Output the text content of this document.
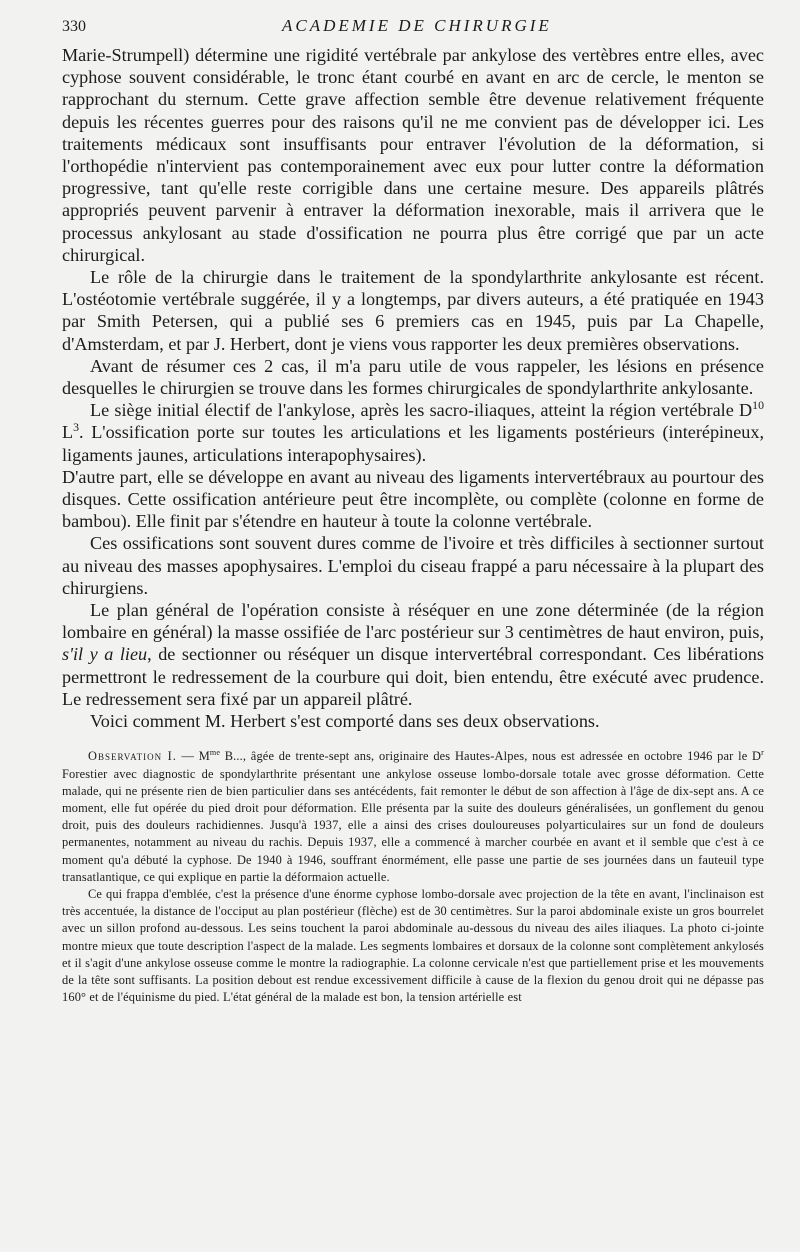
330	ACADEMIE DE CHIRURGIE

Marie-Strumpell) détermine une rigidité vertébrale par ankylose des vertèbres entre elles, avec cyphose souvent considérable, le tronc étant courbé en avant en arc de cercle, le menton se rapprochant du sternum. Cette grave affection semble être devenue relativement fréquente depuis les récentes guerres pour des raisons qu'il ne me convient pas de développer ici. Les traitements médicaux sont insuffisants pour entraver l'évolution de la déformation, si l'orthopédie n'intervient pas contemporainement avec eux pour lutter contre la déformation progressive, tant qu'elle reste corrigible dans une certaine mesure. Des appareils plâtrés appropriés peuvent parvenir à entraver la déformation inexorable, mais il arrivera que le processus ankylosant au stade d'ossification ne pourra plus être corrigé que par un acte chirurgical.

Le rôle de la chirurgie dans le traitement de la spondylarthrite ankylosante est récent. L'ostéotomie vertébrale suggérée, il y a longtemps, par divers auteurs, a été pratiquée en 1943 par Smith Petersen, qui a publié ses 6 premiers cas en 1945, puis par La Chapelle, d'Amsterdam, et par J. Herbert, dont je viens vous rapporter les deux premières observations.

Avant de résumer ces 2 cas, il m'a paru utile de vous rappeler, les lésions en présence desquelles le chirurgien se trouve dans les formes chirurgicales de spondylarthrite ankylosante.

Le siège initial électif de l'ankylose, après les sacro-iliaques, atteint la région vertébrale $D^{10}$ $L^3$. L'ossification porte sur toutes les articulations et les ligaments postérieurs (interépineux, ligaments jaunes, articulations interapophysaires).

D'autre part, elle se développe en avant au niveau des ligaments intervertébraux au pourtour des disques. Cette ossification antérieure peut être incomplète, ou complète (colonne en forme de bambou). Elle finit par s'étendre en hauteur à toute la colonne vertébrale.

Ces ossifications sont souvent dures comme de l'ivoire et très difficiles à sectionner surtout au niveau des masses apophysaires. L'emploi du ciseau frappé a paru nécessaire à la plupart des chirurgiens.

Le plan général de l'opération consiste à réséquer en une zone déterminée (de la région lombaire en général) la masse ossifiée de l'arc postérieur sur 3 centimètres de haut environ, puis, s'il y a lieu, de sectionner ou réséquer un disque intervertébral correspondant. Ces libérations permettront le redressement de la courbure qui doit, bien entendu, être exécuté avec prudence. Le redressement sera fixé par un appareil plâtré.

Voici comment M. Herbert s'est comporté dans ses deux observations.

Observation I. — $M^{me}$ B..., âgée de trente-sept ans, originaire des Hautes-Alpes, nous est adressée en octobre 1946 par le $D^r$ Forestier avec diagnostic de spondylarthrite présentant une ankylose osseuse lombo-dorsale totale avec grosse déformation. Cette malade, qui ne présente rien de bien particulier dans ses antécédents, fait remonter le début de son affection à l'âge de dix-sept ans. A ce moment, elle fut opérée du pied droit pour déformation. Elle présenta par la suite des douleurs généralisées, un gonflement du genou droit, puis des douleurs rachidiennes. Jusqu'à 1937, elle a ainsi des crises douloureuses polyarticulaires sur un fond de douleurs permanentes, notamment au niveau du rachis. Depuis 1937, elle a commencé à marcher courbée en avant et il semble que c'est à ce moment qu'a débuté la cyphose. De 1940 à 1946, souffrant énormément, elle passe une partie de ses journées dans un fauteuil type transatlantique, ce qui explique en partie la déformaion actuelle.

Ce qui frappa d'emblée, c'est la présence d'une énorme cyphose lombo-dorsale avec projection de la tête en avant, l'inclinaison est très accentuée, la distance de l'occiput au plan postérieur (flèche) est de 30 centimètres. Sur la paroi abdominale existe un gros bourrelet avec un sillon profond au-dessous. Les seins touchent la paroi abdominale au-dessous du niveau des ailes iliaques. La photo ci-jointe montre mieux que toute description l'aspect de la malade. Les segments lombaires et dorsaux de la colonne sont complètement ankylosés et il s'agit d'une ankylose osseuse comme le montre la radiographie. La colonne cervicale n'est que partiellement prise et les mouvements de la tête sont suffisants. La position debout est rendue excessivement difficile à cause de la flexion du genou droit qui ne dépasse pas 160° et de l'équinisme du pied. L'état général de la malade est bon, la tension artérielle est
